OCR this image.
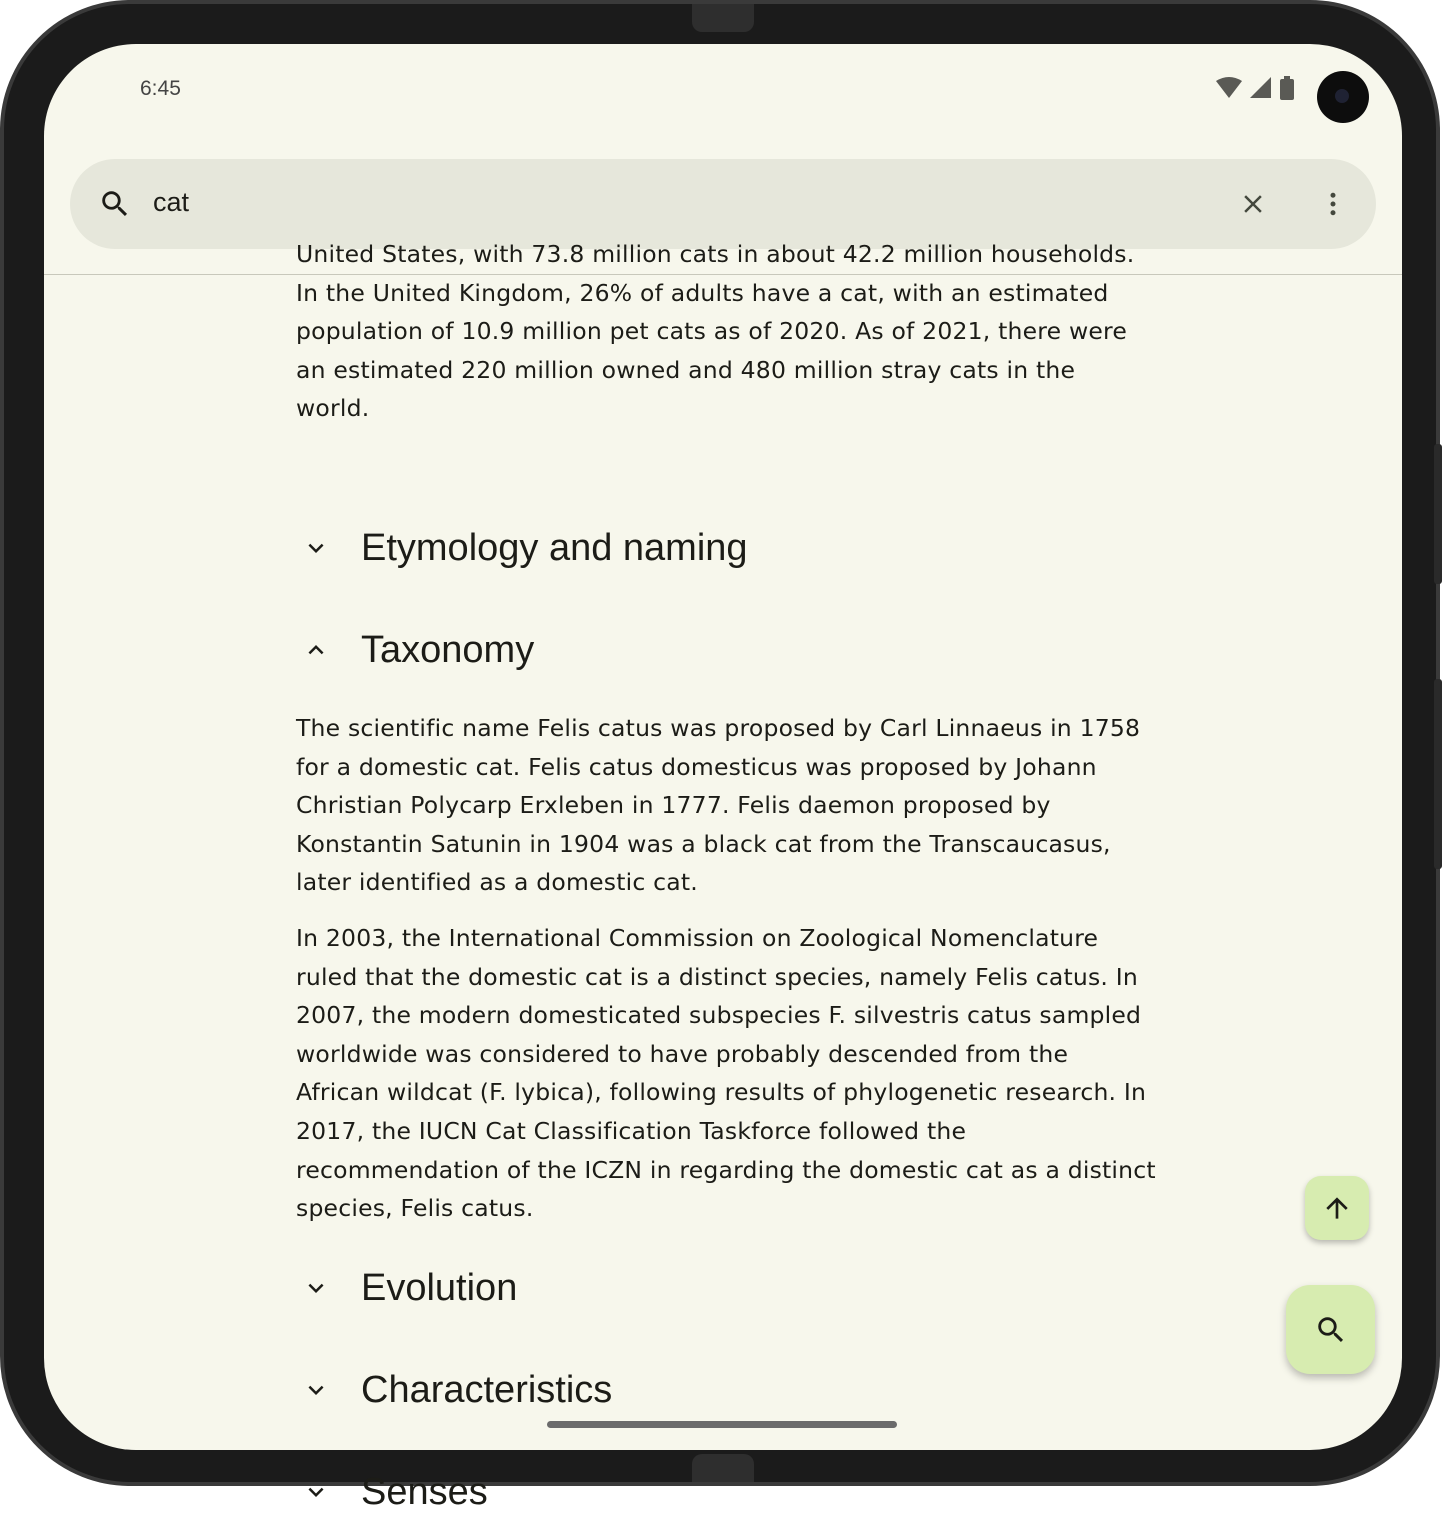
6:45
cat

United States, with 73.8 million cats in about 42.2 million households. In the United Kingdom, 26% of adults have a cat, with an estimated population of 10.9 million pet cats as of 2020. As of 2021, there were an estimated 220 million owned and 480 million stray cats in the world.

Etymology and naming
Taxonomy

The scientific name Felis catus was proposed by Carl Linnaeus in 1758 for a domestic cat. Felis catus domesticus was proposed by Johann Christian Polycarp Erxleben in 1777. Felis daemon proposed by Konstantin Satunin in 1904 was a black cat from the Transcaucasus, later identified as a domestic cat.

In 2003, the International Commission on Zoological Nomenclature ruled that the domestic cat is a distinct species, namely Felis catus. In 2007, the modern domesticated subspecies F. silvestris catus sampled worldwide was considered to have probably descended from the African wildcat (F. lybica), following results of phylogenetic research. In 2017, the IUCN Cat Classification Taskforce followed the recommendation of the ICZN in regarding the domestic cat as a distinct species, Felis catus.

Evolution
Characteristics
Senses
